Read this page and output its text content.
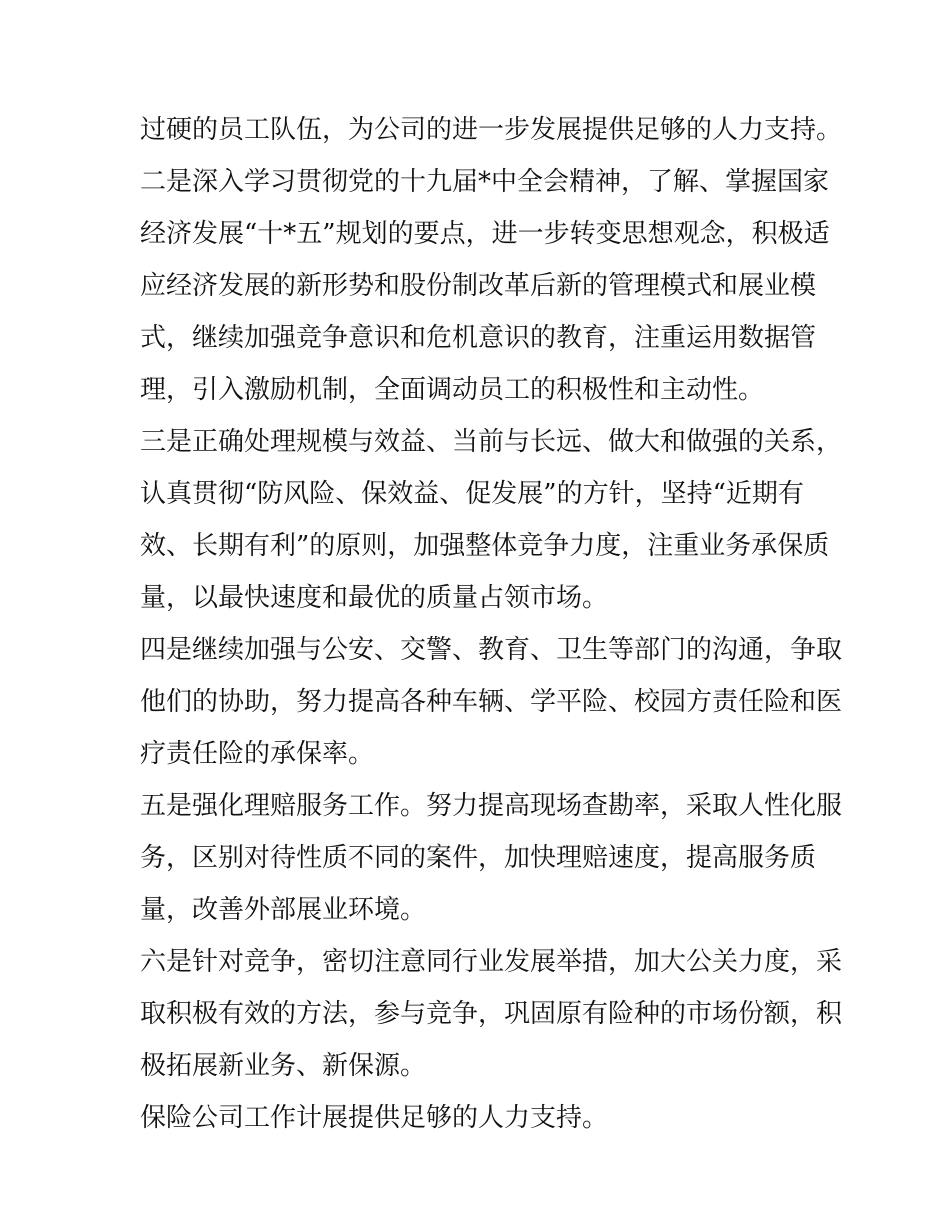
过硬的员工队伍，为公司的进一步发展提供足够的人力支持。
二是深入学习贯彻党的十九届*中全会精神，了解、掌握国家
经济发展“十*五”规划的要点，进一步转变思想观念，积极适
应经济发展的新形势和股份制改革后新的管理模式和展业模
式，继续加强竞争意识和危机意识的教育，注重运用数据管
理，引入激励机制，全面调动员工的积极性和主动性。
三是正确处理规模与效益、当前与长远、做大和做强的关系，
认真贯彻“防风险、保效益、促发展”的方针，坚持“近期有
效、长期有利”的原则，加强整体竞争力度，注重业务承保质
量，以最快速度和最优的质量占领市场。
四是继续加强与公安、交警、教育、卫生等部门的沟通，争取
他们的协助，努力提高各种车辆、学平险、校园方责任险和医
疗责任险的承保率。
五是强化理赔服务工作。努力提高现场查勘率，采取人性化服
务，区别对待性质不同的案件，加快理赔速度，提高服务质
量，改善外部展业环境。
六是针对竞争，密切注意同行业发展举措，加大公关力度，采
取积极有效的方法，参与竞争，巩固原有险种的市场份额，积
极拓展新业务、新保源。
保险公司工作计展提供足够的人力支持。
